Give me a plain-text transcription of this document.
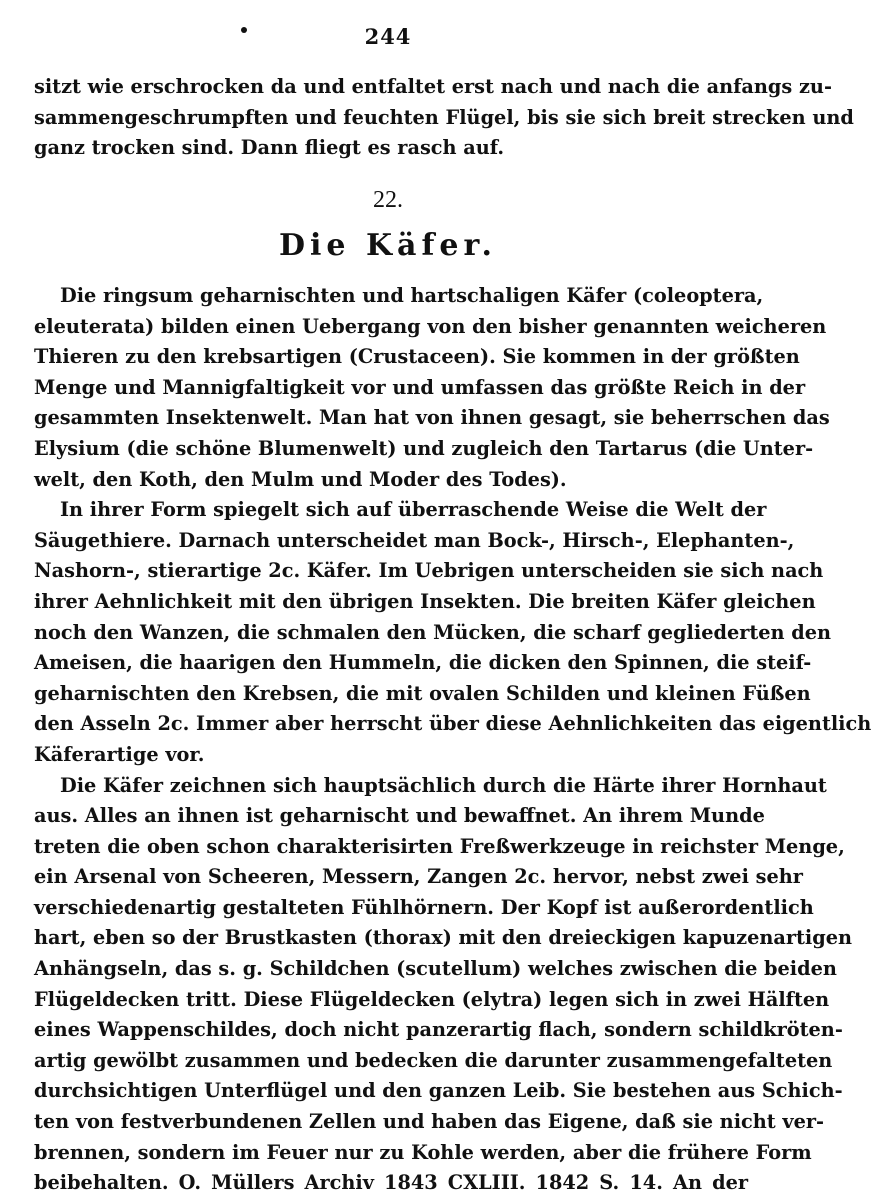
244
sitzt wie erschrocken da und entfaltet erst nach und nach die anfangs zu-
sammengeschrumpften und feuchten Flügel, bis sie sich breit strecken und
ganz trocken sind. Dann fliegt es rasch auf.
22.
Die Käfer.
Die ringsum geharnischten und hartschaligen Käfer (coleoptera,
eleuterata) bilden einen Uebergang von den bisher genannten weicheren
Thieren zu den krebsartigen (Crustaceen). Sie kommen in der größten
Menge und Mannigfaltigkeit vor und umfassen das größte Reich in der
gesammten Insektenwelt. Man hat von ihnen gesagt, sie beherrschen das
Elysium (die schöne Blumenwelt) und zugleich den Tartarus (die Unter-
welt, den Koth, den Mulm und Moder des Todes).
In ihrer Form spiegelt sich auf überraschende Weise die Welt der
Säugethiere. Darnach unterscheidet man Bock-, Hirsch-, Elephanten-,
Nashorn-, stierartige 2c. Käfer. Im Uebrigen unterscheiden sie sich nach
ihrer Aehnlichkeit mit den übrigen Insekten. Die breiten Käfer gleichen
noch den Wanzen, die schmalen den Mücken, die scharf gegliederten den
Ameisen, die haarigen den Hummeln, die dicken den Spinnen, die steif-
geharnischten den Krebsen, die mit ovalen Schilden und kleinen Füßen
den Asseln 2c. Immer aber herrscht über diese Aehnlichkeiten das eigentlich
Käferartige vor.
Die Käfer zeichnen sich hauptsächlich durch die Härte ihrer Hornhaut
aus. Alles an ihnen ist geharnischt und bewaffnet. An ihrem Munde
treten die oben schon charakterisirten Freßwerkzeuge in reichster Menge,
ein Arsenal von Scheeren, Messern, Zangen 2c. hervor, nebst zwei sehr
verschiedenartig gestalteten Fühlhörnern. Der Kopf ist außerordentlich
hart, eben so der Brustkasten (thorax) mit den dreieckigen kapuzenartigen
Anhängseln, das s. g. Schildchen (scutellum) welches zwischen die beiden
Flügeldecken tritt. Diese Flügeldecken (elytra) legen sich in zwei Hälften
eines Wappenschildes, doch nicht panzerartig flach, sondern schildkröten-
artig gewölbt zusammen und bedecken die darunter zusammengefalteten
durchsichtigen Unterflügel und den ganzen Leib. Sie bestehen aus Schich-
ten von festverbundenen Zellen und haben das Eigene, daß sie nicht ver-
brennen, sondern im Feuer nur zu Kohle werden, aber die frühere Form
beibehalten. O. Müllers Archiv 1843 CXLIII. 1842 S. 14. An der
